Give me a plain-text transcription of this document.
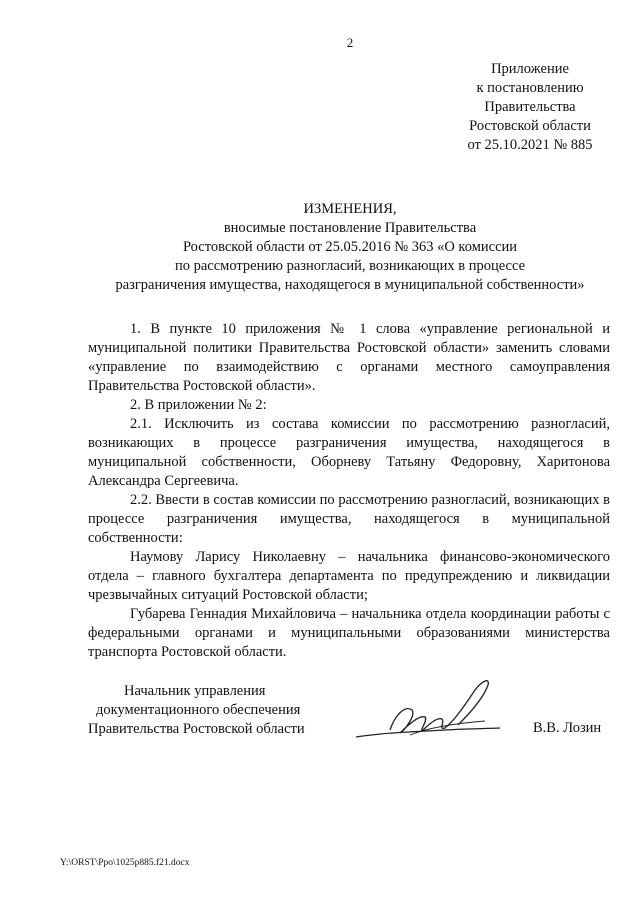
2
Приложение
к постановлению
Правительства
Ростовской области
от 25.10.2021 № 885
ИЗМЕНЕНИЯ,
вносимые постановление Правительства
Ростовской области от 25.05.2016 № 363 «О комиссии
по рассмотрению разногласий, возникающих в процессе
разграничения имущества, находящегося в муниципальной собственности»

1. В пункте 10 приложения № 1 слова «управление региональной и муниципальной политики Правительства Ростовской области» заменить словами «управление по взаимодействию с органами местного самоуправления Правительства Ростовской области».

2. В приложении № 2:

2.1. Исключить из состава комиссии по рассмотрению разногласий, возникающих в процессе разграничения имущества, находящегося в муниципальной собственности, Оборневу Татьяну Федоровну, Харитонова Александра Сергеевича.

2.2. Ввести в состав комиссии по рассмотрению разногласий, возникающих в процессе разграничения имущества, находящегося в муниципальной собственности:

Наумову Ларису Николаевну – начальника финансово-экономического отдела – главного бухгалтера департамента по предупреждению и ликвидации чрезвычайных ситуаций Ростовской области;

Губарева Геннадия Михайловича – начальника отдела координации работы с федеральными органами и муниципальными образованиями министерства транспорта Ростовской области.

Начальник управления
документационного обеспечения
Правительства Ростовской области	В.В. Лозин
Y:\ORST\Ppo\1025p885.f21.docx
